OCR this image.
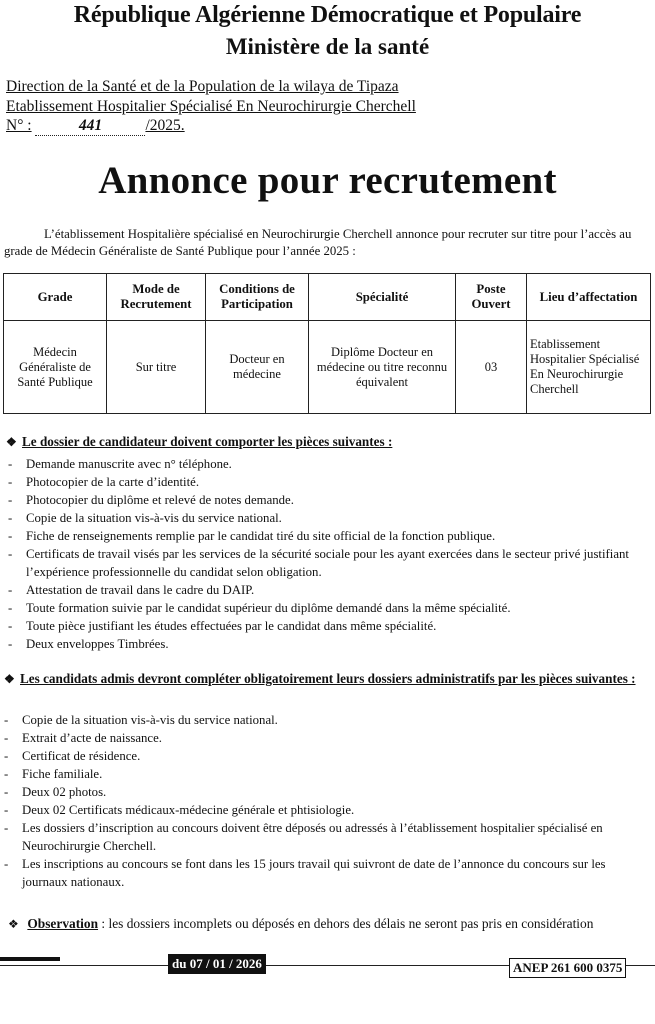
République Algérienne Démocratique et Populaire
Ministère de la santé
Direction de la Santé et de la Population de la wilaya de Tipaza
Etablissement Hospitalier Spécialisé En Neurochirurgie Cherchell
N° :	441	/2025.
Annonce pour recrutement
L’établissement Hospitalière spécialisé en Neurochirurgie Cherchell annonce pour recruter sur titre pour l’accès au grade de Médecin Généraliste de Santé Publique pour l’année 2025 :
Grade	Mode de Recrutement	Conditions de Participation	Spécialité	Poste Ouvert	Lieu d’affectation
Médecin Généraliste de Santé Publique	Sur titre	Docteur en médecine	Diplôme Docteur en médecine ou titre reconnu équivalent	03	Etablissement Hospitalier Spécialisé En Neurochirurgie Cherchell
❖ Le dossier de candidateur doivent comporter les pièces suivantes :
- Demande manuscrite avec n° téléphone.
- Photocopier de la carte d’identité.
- Photocopier du diplôme et relevé de notes demande.
- Copie de la situation vis-à-vis du service national.
- Fiche de renseignements remplie par le candidat tiré du site official de la fonction publique.
- Certificats de travail visés par les services de la sécurité sociale pour les ayant exercées dans le secteur privé justifiant l’expérience professionnelle du candidat selon obligation.
- Attestation de travail dans le cadre du DAIP.
- Toute formation suivie par le candidat supérieur du diplôme demandé dans la même spécialité.
- Toute pièce justifiant les études effectuées par le candidat dans même spécialité.
- Deux enveloppes Timbrées.
❖ Les candidats admis devront compléter obligatoirement leurs dossiers administratifs par les pièces suivantes :
- Copie de la situation vis-à-vis du service national.
- Extrait d’acte de naissance.
- Certificat de résidence.
- Fiche familiale.
- Deux 02 photos.
- Deux 02 Certificats médicaux-médecine générale et phtisiologie.
- Les dossiers d’inscription au concours doivent être déposés ou adressés à l’établissement hospitalier spécialisé en Neurochirurgie Cherchell.
- Les inscriptions au concours se font dans les 15 jours travail qui suivront de date de l’annonce du concours sur les journaux nationaux.
❖ Observation : les dossiers incomplets ou déposés en dehors des délais ne seront pas pris en considération
du 07 / 01 / 2026	ANEP 261 600 0375
